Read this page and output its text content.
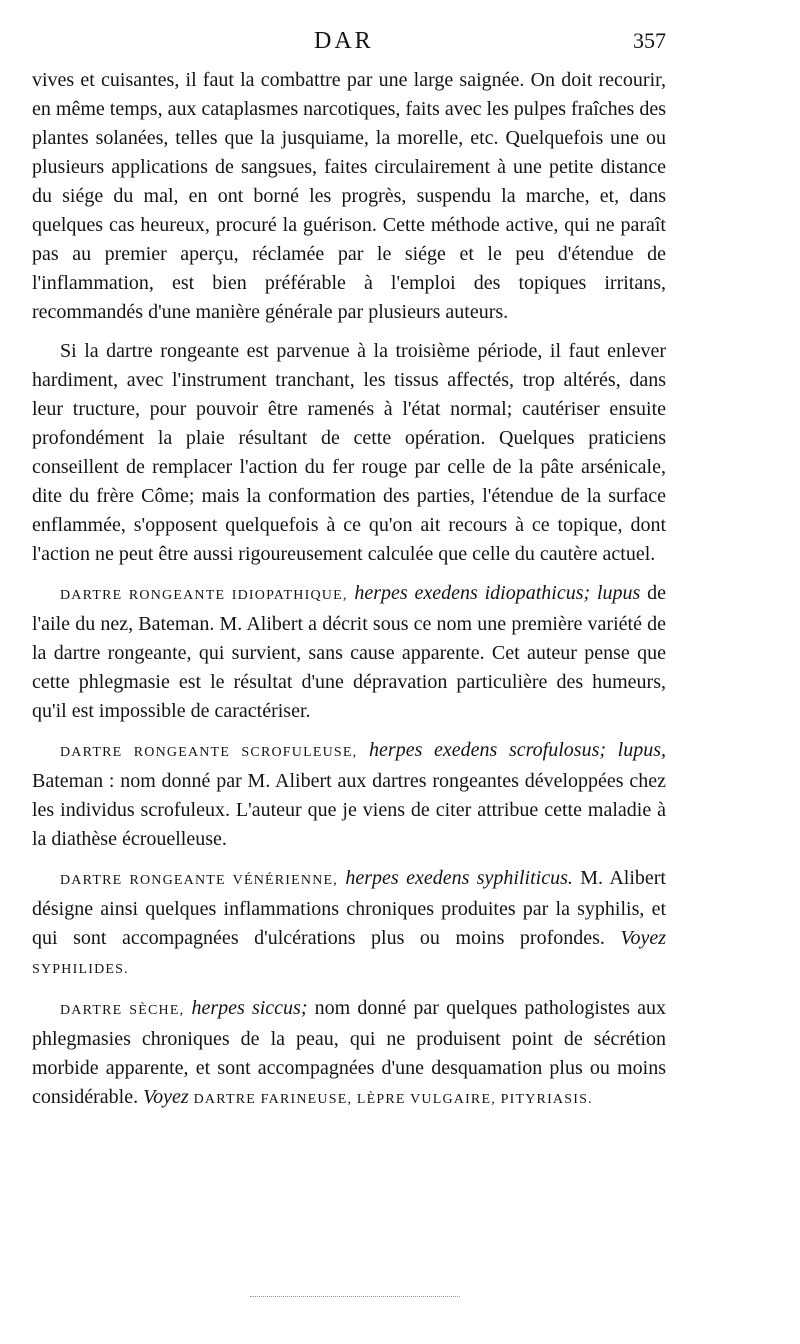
DAR	357

vives et cuisantes, il faut la combattre par une large saignée. On doit recourir, en même temps, aux cataplasmes narcotiques, faits avec les pulpes fraîches des plantes solanées, telles que la jusquiame, la morelle, etc. Quelquefois une ou plusieurs applications de sangsues, faites circulairement à une petite distance du siége du mal, en ont borné les progrès, suspendu la marche, et, dans quelques cas heureux, procuré la guérison. Cette méthode active, qui ne paraît pas au premier aperçu, réclamée par le siége et le peu d'étendue de l'inflammation, est bien préférable à l'emploi des topiques irritans, recommandés d'une manière générale par plusieurs auteurs.

Si la dartre rongeante est parvenue à la troisième période, il faut enlever hardiment, avec l'instrument tranchant, les tissus affectés, trop altérés, dans leur tructure, pour pouvoir être ramenés à l'état normal; cautériser ensuite profondément la plaie résultant de cette opération. Quelques praticiens conseillent de remplacer l'action du fer rouge par celle de la pâte arsénicale, dite du frère Côme; mais la conformation des parties, l'étendue de la surface enflammée, s'opposent quelquefois à ce qu'on ait recours à ce topique, dont l'action ne peut être aussi rigoureusement calculée que celle du cautère actuel.

DARTRE RONGEANTE IDIOPATHIQUE, herpes exedens idiopathicus; lupus de l'aile du nez, Bateman. M. Alibert a décrit sous ce nom une première variété de la dartre rongeante, qui survient, sans cause apparente. Cet auteur pense que cette phlegmasie est le résultat d'une dépravation particulière des humeurs, qu'il est impossible de caractériser.

DARTRE RONGEANTE SCROFULEUSE, herpes exedens scrofulosus; lupus, Bateman : nom donné par M. Alibert aux dartres rongeantes développées chez les individus scrofuleux. L'auteur que je viens de citer attribue cette maladie à la diathèse écrouelleuse.

DARTRE RONGEANTE VÉNÉRIENNE, herpes exedens syphiliticus. M. Alibert désigne ainsi quelques inflammations chroniques produites par la syphilis, et qui sont accompagnées d'ulcérations plus ou moins profondes. Voyez SYPHILIDES.

DARTRE SÈCHE, herpes siccus; nom donné par quelques pathologistes aux phlegmasies chroniques de la peau, qui ne produisent point de sécrétion morbide apparente, et sont accompagnées d'une desquamation plus ou moins considérable. Voyez DARTRE FARINEUSE, LÈPRE VULGAIRE, PITYRIASIS.
